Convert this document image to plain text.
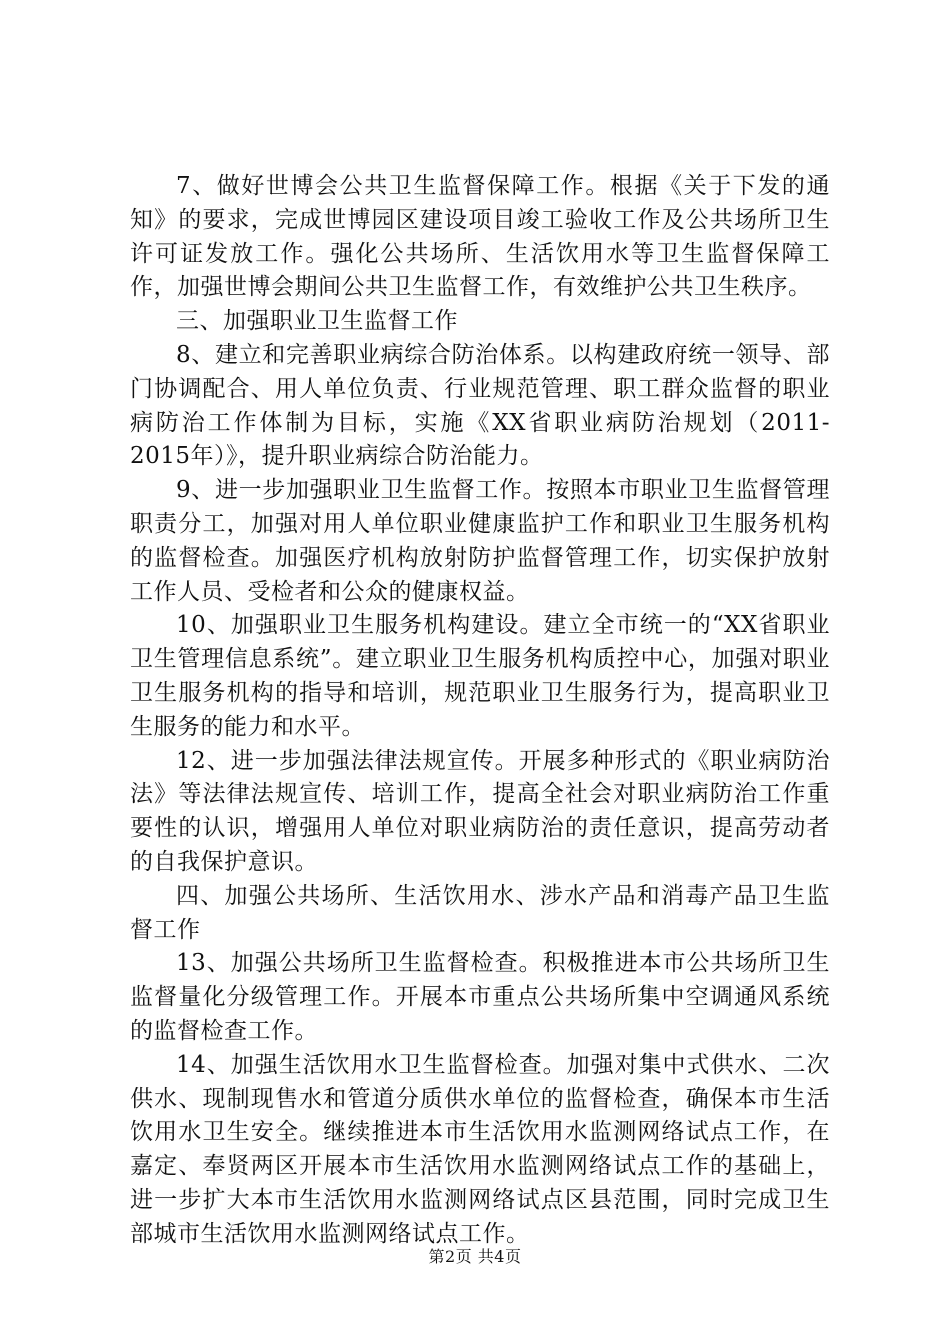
7、做好世博会公共卫生监督保障工作。根据《关于下发的通知》的要求，完成世博园区建设项目竣工验收工作及公共场所卫生许可证发放工作。强化公共场所、生活饮用水等卫生监督保障工作，加强世博会期间公共卫生监督工作，有效维护公共卫生秩序。

三、加强职业卫生监督工作

8、建立和完善职业病综合防治体系。以构建政府统一领导、部门协调配合、用人单位负责、行业规范管理、职工群众监督的职业病防治工作体制为目标，实施《XX省职业病防治规划（2011-2015年）》，提升职业病综合防治能力。

9、进一步加强职业卫生监督工作。按照本市职业卫生监督管理职责分工，加强对用人单位职业健康监护工作和职业卫生服务机构的监督检查。加强医疗机构放射防护监督管理工作，切实保护放射工作人员、受检者和公众的健康权益。

10、加强职业卫生服务机构建设。建立全市统一的“XX省职业卫生管理信息系统”。建立职业卫生服务机构质控中心，加强对职业卫生服务机构的指导和培训，规范职业卫生服务行为，提高职业卫生服务的能力和水平。

12、进一步加强法律法规宣传。开展多种形式的《职业病防治法》等法律法规宣传、培训工作，提高全社会对职业病防治工作重要性的认识，增强用人单位对职业病防治的责任意识，提高劳动者的自我保护意识。

四、加强公共场所、生活饮用水、涉水产品和消毒产品卫生监督工作

13、加强公共场所卫生监督检查。积极推进本市公共场所卫生监督量化分级管理工作。开展本市重点公共场所集中空调通风系统的监督检查工作。

14、加强生活饮用水卫生监督检查。加强对集中式供水、二次供水、现制现售水和管道分质供水单位的监督检查，确保本市生活饮用水卫生安全。继续推进本市生活饮用水监测网络试点工作，在嘉定、奉贤两区开展本市生活饮用水监测网络试点工作的基础上，进一步扩大本市生活饮用水监测网络试点区县范围，同时完成卫生部城市生活饮用水监测网络试点工作。

第2页 共4页
